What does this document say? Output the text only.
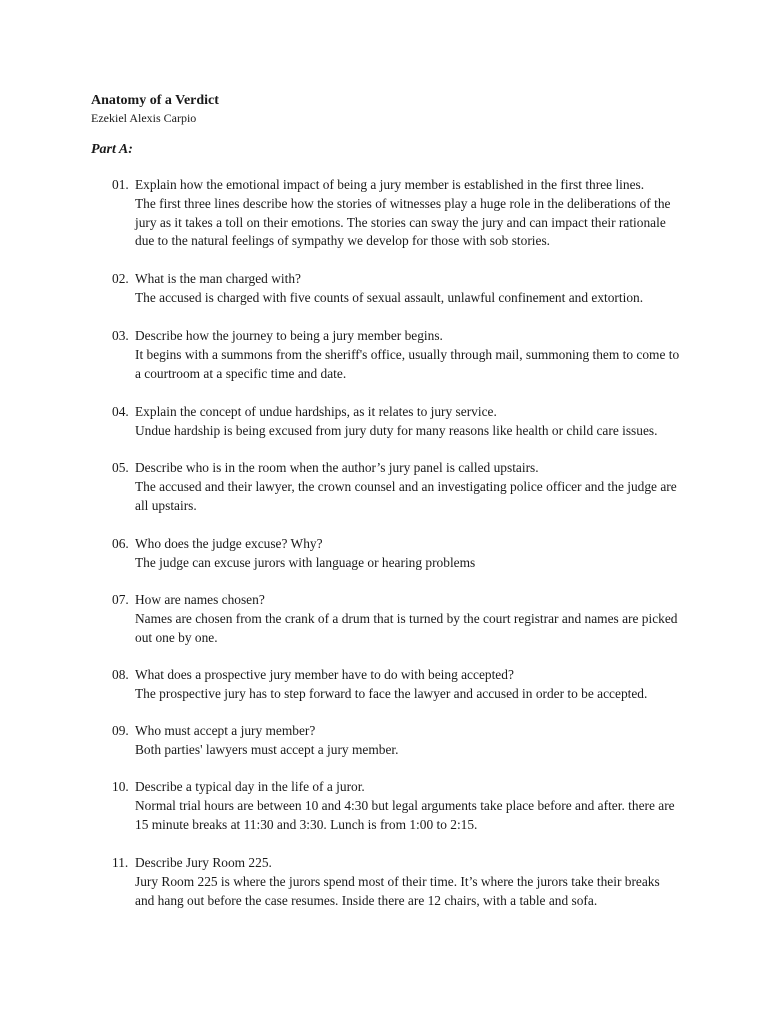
Anatomy of a Verdict
Ezekiel Alexis Carpio
Part A:
01. Explain how the emotional impact of being a jury member is established in the first three lines.
The first three lines describe how the stories of witnesses play a huge role in the deliberations of the jury as it takes a toll on their emotions. The stories can sway the jury and can impact their rationale due to the natural feelings of sympathy we develop for those with sob stories.
02. What is the man charged with?
The accused is charged with five counts of sexual assault, unlawful confinement and extortion.
03. Describe how the journey to being a jury member begins.
It begins with a summons from the sheriff's office, usually through mail, summoning them to come to a courtroom at a specific time and date.
04. Explain the concept of undue hardships, as it relates to jury service.
Undue hardship is being excused from jury duty for many reasons like health or child care issues.
05. Describe who is in the room when the author’s jury panel is called upstairs.
The accused and their lawyer, the crown counsel and an investigating police officer and the judge are all upstairs.
06. Who does the judge excuse? Why?
The judge can excuse jurors with language or hearing problems
07. How are names chosen?
Names are chosen from the crank of a drum that is turned by the court registrar and names are picked out one by one.
08. What does a prospective jury member have to do with being accepted?
The prospective jury has to step forward to face the lawyer and accused in order to be accepted.
09. Who must accept a jury member?
Both parties' lawyers must accept a jury member.
10. Describe a typical day in the life of a juror.
Normal trial hours are between 10 and 4:30 but legal arguments take place before and after. there are 15 minute breaks at 11:30 and 3:30. Lunch is from 1:00 to 2:15.
11. Describe Jury Room 225.
Jury Room 225 is where the jurors spend most of their time. It’s where the jurors take their breaks and hang out before the case resumes. Inside there are 12 chairs, with a table and sofa.
